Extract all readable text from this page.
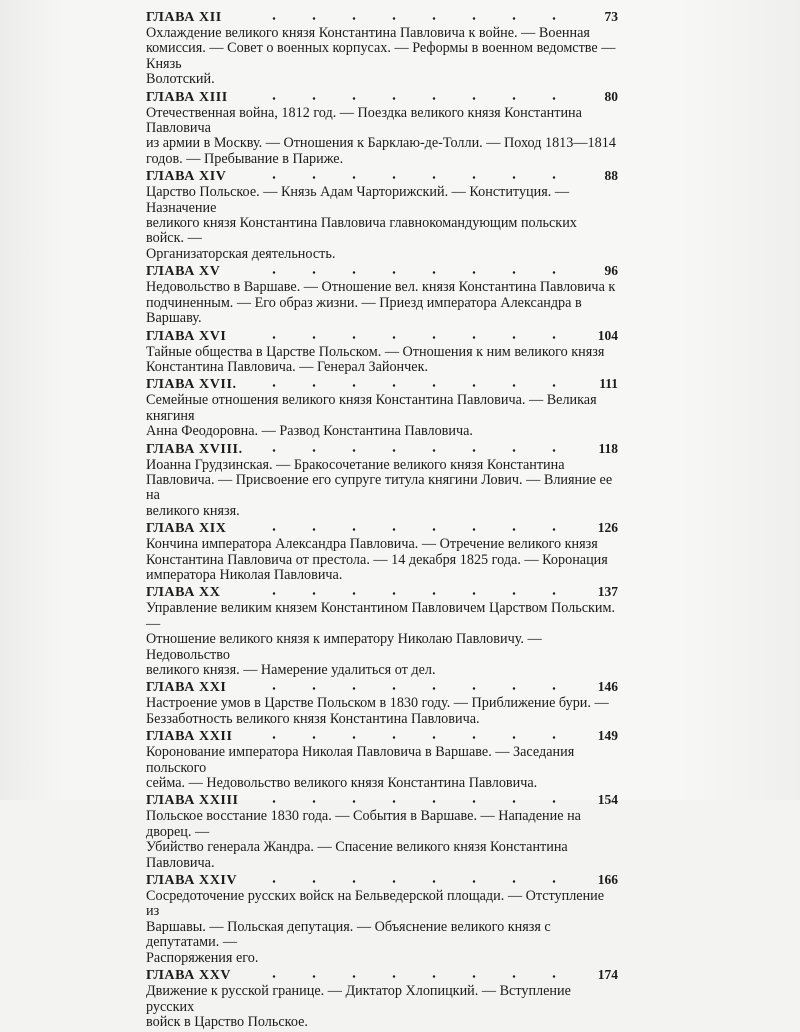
ГЛАВА XII	73
Охлаждение великого князя Константина Павловича к войне. — Военная
комиссия. — Совет о военных корпусах. — Реформы в военном ведомстве — Князь
Волотский.
ГЛАВА XIII	80
Отечественная война, 1812 год. — Поездка великого князя Константина Павловича
из армии в Москву. — Отношения к Барклаю-де-Толли. — Поход 1813—1814
годов. — Пребывание в Париже.
ГЛАВА XIV	88
Царство Польское. — Князь Адам Чарторижский. — Конституция. — Назначение
великого князя Константина Павловича главнокомандующим польских войск. —
Организаторская деятельность.
ГЛАВА XV	96
Недовольство в Варшаве. — Отношение вел. князя Константина Павловича к
подчиненным. — Его образ жизни. — Приезд императора Александра в Варшаву.
ГЛАВА XVI	104
Тайные общества в Царстве Польском. — Отношения к ним великого князя
Константина Павловича. — Генерал Зайончек.
ГЛАВА XVII.	111
Семейные отношения великого князя Константина Павловича. — Великая княгиня
Анна Феодоровна. — Развод Константина Павловича.
ГЛАВА XVIII.	118
Иоанна Грудзинская. — Бракосочетание великого князя Константина
Павловича. — Присвоение его супруге титула княгини Лович. — Влияние ее на
великого князя.
ГЛАВА XIX	126
Кончина императора Александра Павловича. — Отречение великого князя
Константина Павловича от престола. — 14 декабря 1825 года. — Коронация
императора Николая Павловича.
ГЛАВА XX	137
Управление великим князем Константином Павловичем Царством Польским. —
Отношение великого князя к императору Николаю Павловичу. — Недовольство
великого князя. — Намерение удалиться от дел.
ГЛАВА XXI	146
Настроение умов в Царстве Польском в 1830 году. — Приближение бури. —
Беззаботность великого князя Константина Павловича.
ГЛАВА XXII	149
Коронование императора Николая Павловича в Варшаве. — Заседания польского
сейма. — Недовольство великого князя Константина Павловича.
ГЛАВА XXIII	154
Польское восстание 1830 года. — События в Варшаве. — Нападение на дворец. —
Убийство генерала Жандра. — Спасение великого князя Константина Павловича.
ГЛАВА XXIV	166
Сосредоточение русских войск на Бельведерской площади. — Отступление из
Варшавы. — Польская депутация. — Объяснение великого князя с депутатами. —
Распоряжения его.
ГЛАВА XXV	174
Движение к русской границе. — Диктатор Хлопицкий. — Вступление русских
войск в Царство Польское.
